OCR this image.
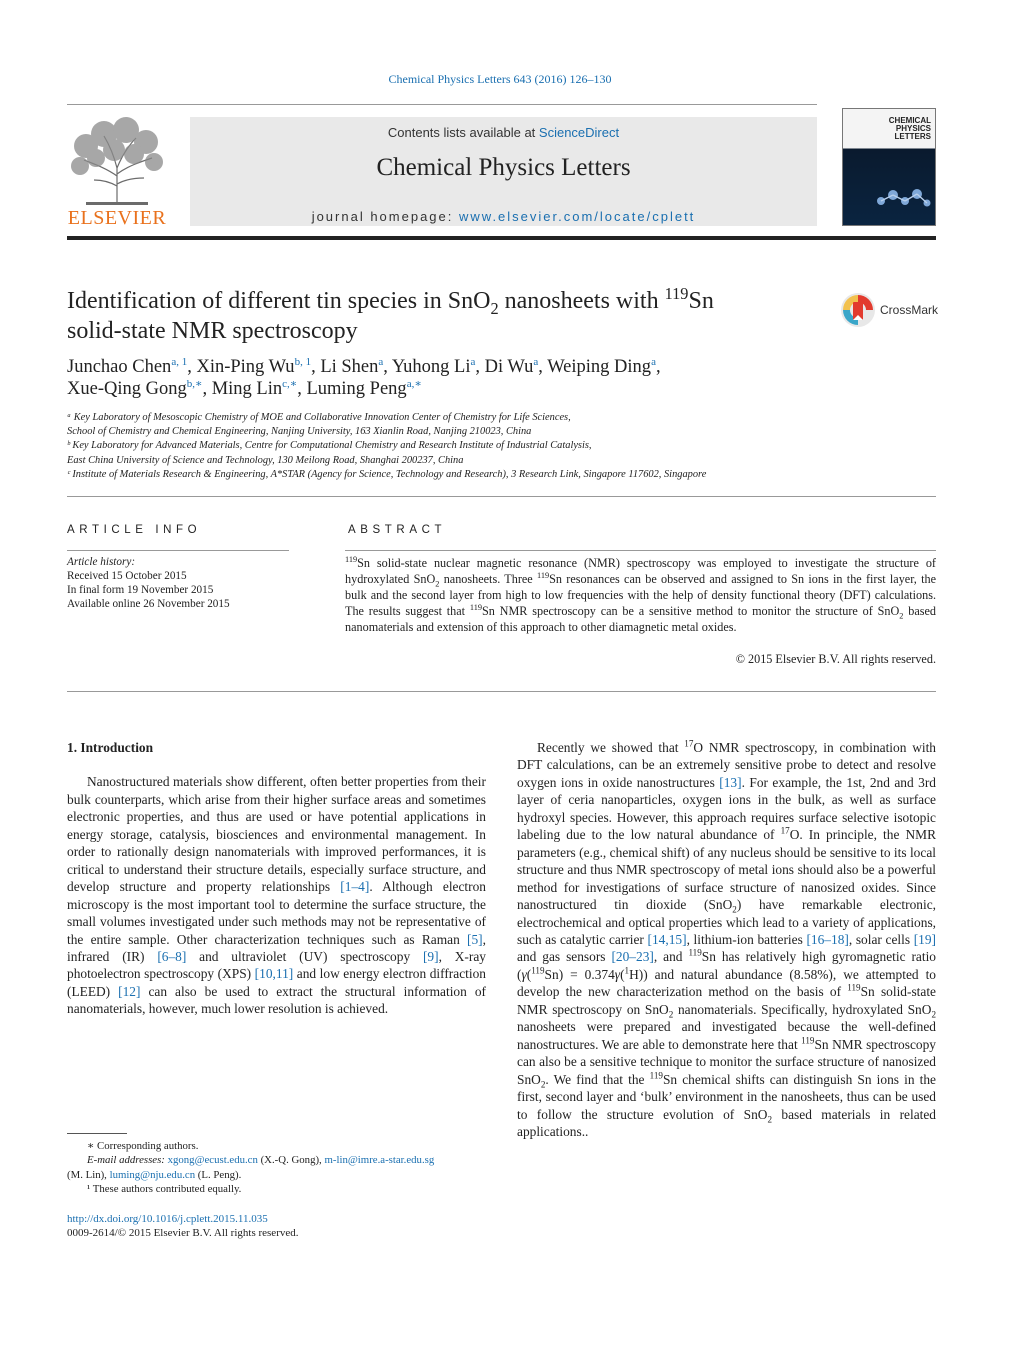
Chemical Physics Letters 643 (2016) 126–130
ELSEVIER
Contents lists available at ScienceDirect
Chemical Physics Letters
journal homepage: www.elsevier.com/locate/cplett
CHEMICAL
PHYSICS
LETTERS
Identification of different tin species in SnO$_2$ nanosheets with $^{119}$Sn
solid-state NMR spectroscopy
CrossMark
Junchao Chen$^{a, 1}$, Xin-Ping Wu$^{b, 1}$, Li Shen$^a$, Yuhong Li$^a$, Di Wu$^a$, Weiping Ding$^a$,
Xue-Qing Gong$^{b,∗}$, Ming Lin$^{c,∗}$, Luming Peng$^{a,∗}$
ᵃ Key Laboratory of Mesoscopic Chemistry of MOE and Collaborative Innovation Center of Chemistry for Life Sciences,
School of Chemistry and Chemical Engineering, Nanjing University, 163 Xianlin Road, Nanjing 210023, China
ᵇ Key Laboratory for Advanced Materials, Centre for Computational Chemistry and Research Institute of Industrial Catalysis,
East China University of Science and Technology, 130 Meilong Road, Shanghai 200237, China
ᶜ Institute of Materials Research & Engineering, A*STAR (Agency for Science, Technology and Research), 3 Research Link, Singapore 117602, Singapore
ARTICLE INFO	ABSTRACT
Article history:
Received 15 October 2015
In final form 19 November 2015
Available online 26 November 2015
$^{119}$Sn solid-state nuclear magnetic resonance (NMR) spectroscopy was employed to investigate the structure of hydroxylated SnO$_2$ nanosheets. Three $^{119}$Sn resonances can be observed and assigned to Sn ions in the first layer, the bulk and the second layer from high to low frequencies with the help of density functional theory (DFT) calculations. The results suggest that $^{119}$Sn NMR spectroscopy can be a sensitive method to monitor the structure of SnO$_2$ based nanomaterials and extension of this approach to other diamagnetic metal oxides.
© 2015 Elsevier B.V. All rights reserved.
1. Introduction

Nanostructured materials show different, often better properties from their bulk counterparts, which arise from their higher surface areas and sometimes electronic properties, and thus are used or have potential applications in energy storage, catalysis, biosciences and environmental management. In order to rationally design nanomaterials with improved performances, it is critical to understand their structure details, especially surface structure, and develop structure and property relationships [1–4]. Although electron microscopy is the most important tool to determine the surface structure, the small volumes investigated under such methods may not be representative of the entire sample. Other characterization techniques such as Raman [5], infrared (IR) [6–8] and ultraviolet (UV) spectroscopy [9], X-ray photoelectron spectroscopy (XPS) [10,11] and low energy electron diffraction (LEED) [12] can also be used to extract the structural information of nanomaterials, however, much lower resolution is achieved.

Recently we showed that $^{17}$O NMR spectroscopy, in combination with DFT calculations, can be an extremely sensitive probe to detect and resolve oxygen ions in oxide nanostructures [13]. For example, the 1st, 2nd and 3rd layer of ceria nanoparticles, oxygen ions in the bulk, as well as surface hydroxyl species. However, this approach requires surface selective isotopic labeling due to the low natural abundance of $^{17}$O. In principle, the NMR parameters (e.g., chemical shift) of any nucleus should be sensitive to its local structure and thus NMR spectroscopy of metal ions should also be a powerful method for investigations of surface structure of nanosized oxides. Since nanostructured tin dioxide (SnO$_2$) have remarkable electronic, electrochemical and optical properties which lead to a variety of applications, such as catalytic carrier [14,15], lithium-ion batteries [16–18], solar cells [19] and gas sensors [20–23], and $^{119}$Sn has relatively high gyromagnetic ratio (γ($^{119}$Sn) = 0.374γ($^1$H)) and natural abundance (8.58%), we attempted to develop the new characterization method on the basis of $^{119}$Sn solid-state NMR spectroscopy on SnO$_2$ nanomaterials. Specifically, hydroxylated SnO$_2$ nanosheets were prepared and investigated because the well-defined nanostructures. We are able to demonstrate here that $^{119}$Sn NMR spectroscopy can also be a sensitive technique to monitor the surface structure of nanosized SnO$_2$. We find that the $^{119}$Sn chemical shifts can distinguish Sn ions in the first, second layer and ‘bulk’ environment in the nanosheets, thus can be used to follow the structure evolution of SnO$_2$ based materials in related applications..

∗ Corresponding authors.
E-mail addresses: xgong@ecust.edu.cn (X.-Q. Gong), m-lin@imre.a-star.edu.sg
(M. Lin), luming@nju.edu.cn (L. Peng).
¹ These authors contributed equally.
http://dx.doi.org/10.1016/j.cplett.2015.11.035
0009-2614/© 2015 Elsevier B.V. All rights reserved.
